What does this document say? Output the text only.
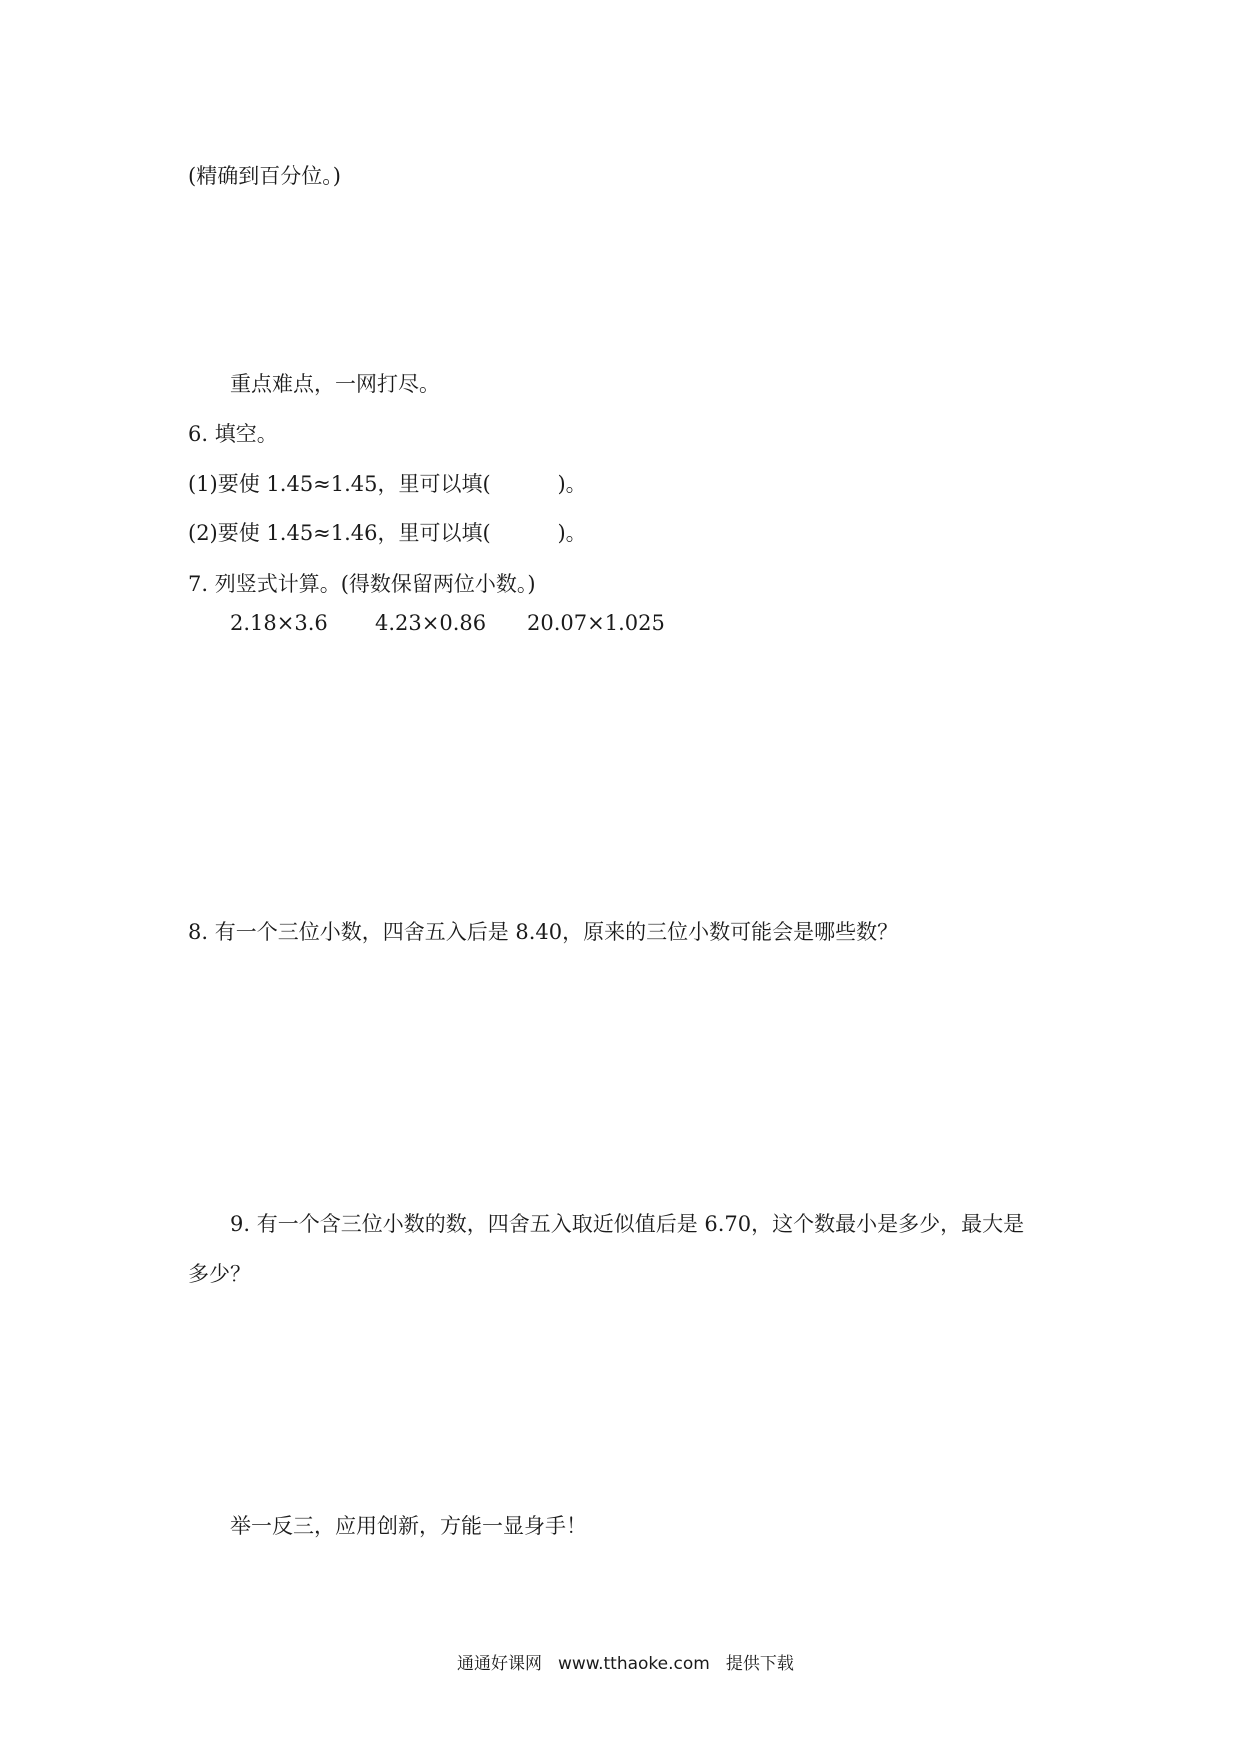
(精确到百分位。)
重点难点，一网打尽。
6. 填空。
(1)要使 1.45≈1.45，里可以填(          )。
(2)要使 1.45≈1.46，里可以填(          )。
7. 列竖式计算。(得数保留两位小数。)
2.18×3.6 4.23×0.86 20.07×1.025
8. 有一个三位小数，四舍五入后是 8.40，原来的三位小数可能会是哪些数？
9. 有一个含三位小数的数，四舍五入取近似值后是 6.70，这个数最小是多少，最大是
多少？
举一反三，应用创新，方能一显身手！

通通好课网 www.tthaoke.com 提供下载
